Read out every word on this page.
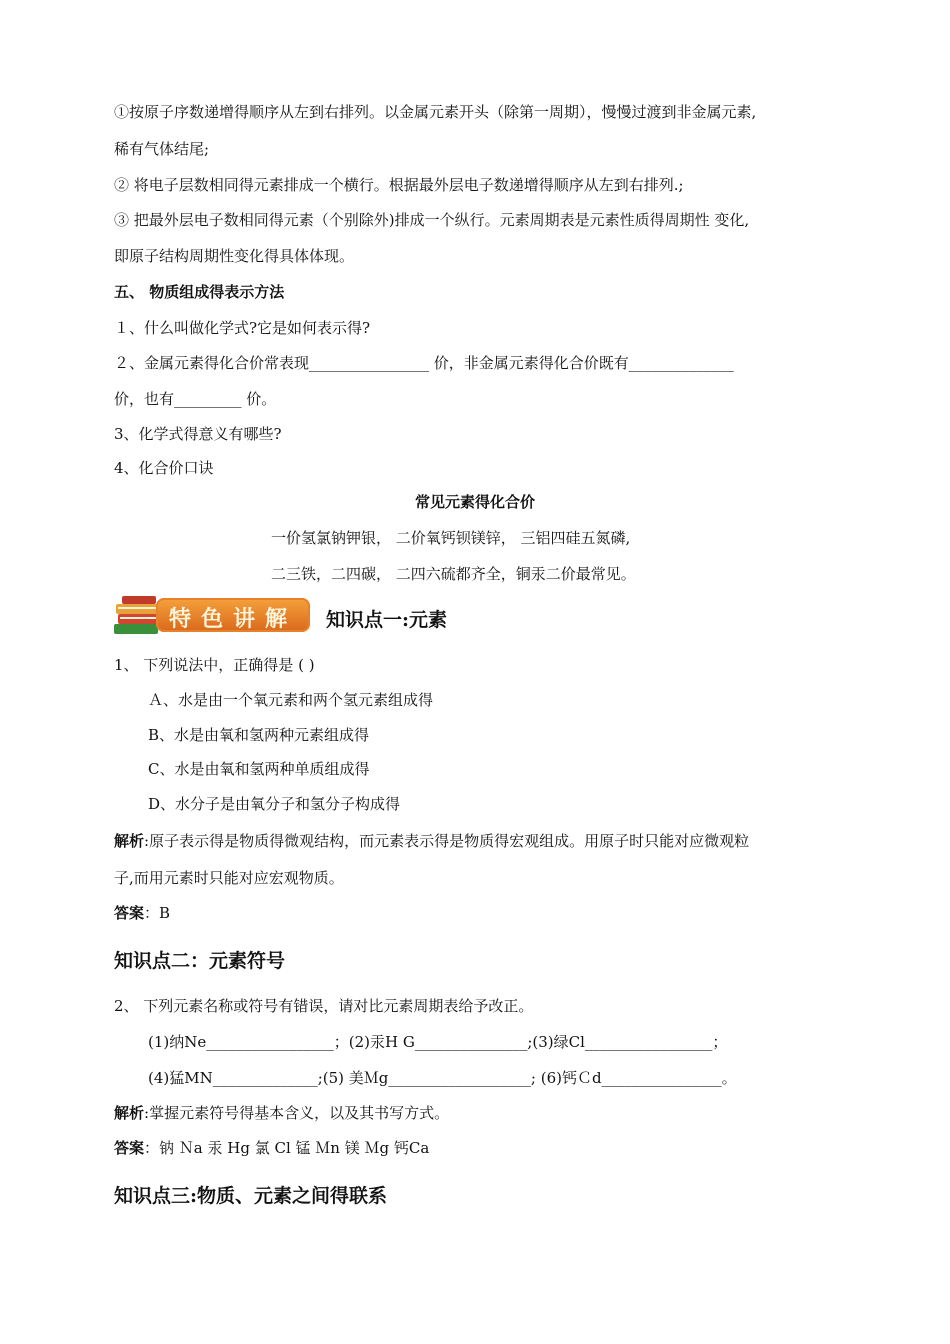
①按原子序数递增得顺序从左到右排列。以金属元素开头（除第一周期），慢慢过渡到非金属元素,
稀有气体结尾;
② 将电子层数相同得元素排成一个横行。根据最外层电子数递增得顺序从左到右排列.;
③ 把最外层电子数相同得元素（个别除外)排成一个纵行。元素周期表是元素性质得周期性 变化,
即原子结构周期性变化得具体体现。
五、 物质组成得表示方法
１、什么叫做化学式?它是如何表示得?
２、金属元素得化合价常表现________________ 价，非金属元素得化合价既有______________
价，也有_________ 价。
3、化学式得意义有哪些?
4、化合价口诀
常见元素得化合价
一价氢氯钠钾银， 二价氧钙钡镁锌， 三铝四硅五氮磷,
二三铁，二四碳， 二四六硫都齐全，铜汞二价最常见。
特色讲解	知识点一:元素
1、 下列说法中，正确得是 ( )
Ａ、水是由一个氧元素和两个氢元素组成得
B、水是由氧和氢两种元素组成得
C、水是由氧和氢两种单质组成得
D、水分子是由氧分子和氢分子构成得
解析:原子表示得是物质得微观结构，而元素表示得是物质得宏观组成。用原子时只能对应微观粒
子,而用元素时只能对应宏观物质。
答案：B
知识点二：元素符号
2、 下列元素名称或符号有错误，请对比元素周期表给予改正。
(1)纳Ne_________________；(2)汞H G_______________;(3)绿Cl_________________；
(4)猛MN______________;(5) 美Ｍg___________________; (6)钙Ｃd________________。
解析:掌握元素符号得基本含义，以及其书写方式。
答案：钠 Ｎa 汞 Hg 氯 Cl 锰 Ｍn 镁 Ｍg 钙Ca
知识点三:物质、元素之间得联系
